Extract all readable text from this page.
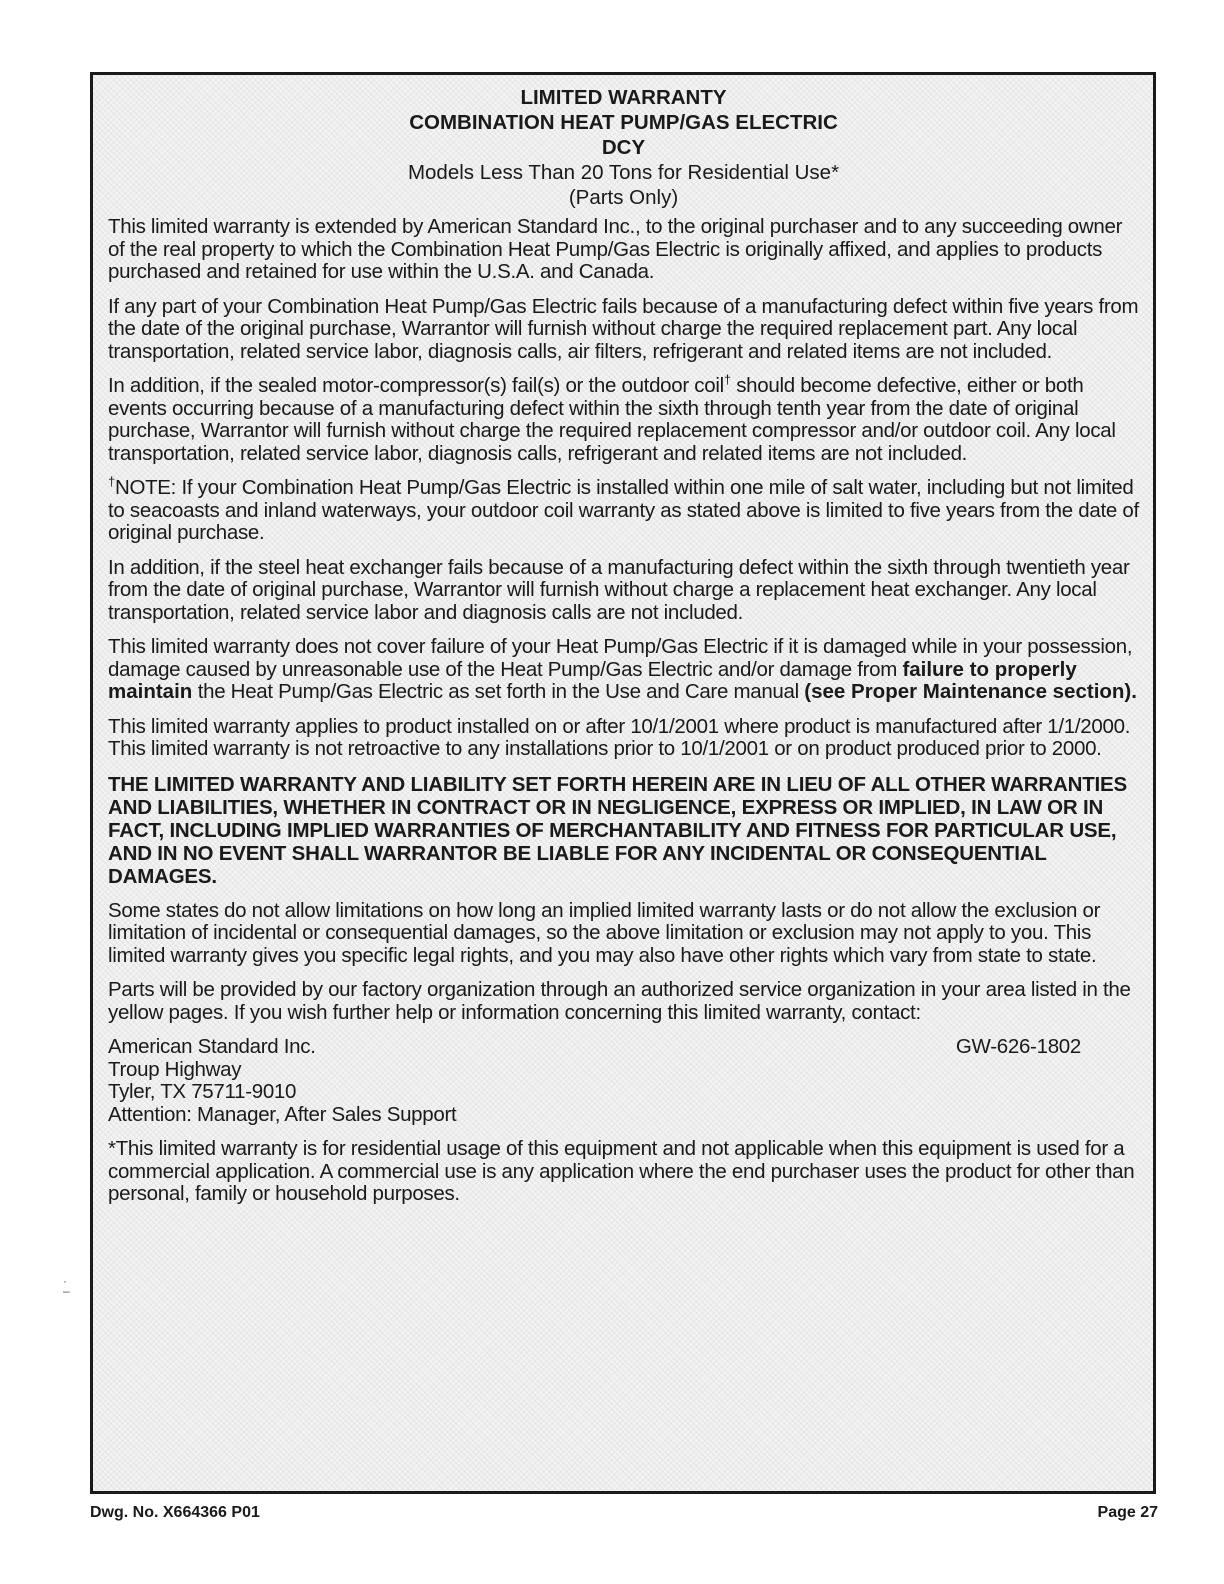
LIMITED WARRANTY
COMBINATION HEAT PUMP/GAS ELECTRIC
DCY
Models Less Than 20 Tons for Residential Use*
(Parts Only)

This limited warranty is extended by American Standard Inc., to the original purchaser and to any succeeding owner of the real property to which the Combination Heat Pump/Gas Electric is originally affixed, and applies to products purchased and retained for use within the U.S.A. and Canada.

If any part of your Combination Heat Pump/Gas Electric fails because of a manufacturing defect within five years from the date of the original purchase, Warrantor will furnish without charge the required replacement part. Any local transportation, related service labor, diagnosis calls, air filters, refrigerant and related items are not included.

In addition, if the sealed motor-compressor(s) fail(s) or the outdoor coil† should become defective, either or both events occurring because of a manufacturing defect within the sixth through tenth year from the date of original purchase, Warrantor will furnish without charge the required replacement compressor and/or outdoor coil. Any local transportation, related service labor, diagnosis calls, refrigerant and related items are not included.

†NOTE: If your Combination Heat Pump/Gas Electric is installed within one mile of salt water, including but not limited to seacoasts and inland waterways, your outdoor coil warranty as stated above is limited to five years from the date of original purchase.

In addition, if the steel heat exchanger fails because of a manufacturing defect within the sixth through twentieth year
from the date of original purchase, Warrantor will furnish without charge a replacement heat exchanger. Any local transportation, related service labor and diagnosis calls are not included.

This limited warranty does not cover failure of your Heat Pump/Gas Electric if it is damaged while in your possession, damage caused by unreasonable use of the Heat Pump/Gas Electric and/or damage from failure to properly maintain the Heat Pump/Gas Electric as set forth in the Use and Care manual (see Proper Maintenance section).

This limited warranty applies to product installed on or after 10/1/2001 where product is manufactured after 1/1/2000. This limited warranty is not retroactive to any installations prior to 10/1/2001 or on product produced prior to 2000.

THE LIMITED WARRANTY AND LIABILITY SET FORTH HEREIN ARE IN LIEU OF ALL OTHER WARRANTIES AND LIABILITIES, WHETHER IN CONTRACT OR IN NEGLIGENCE, EXPRESS OR IMPLIED, IN LAW OR IN FACT, INCLUDING IMPLIED WARRANTIES OF MERCHANTABILITY AND FITNESS FOR PARTICULAR USE, AND IN NO EVENT SHALL WARRANTOR BE LIABLE FOR ANY INCIDENTAL OR CONSEQUENTIAL DAMAGES.

Some states do not allow limitations on how long an implied limited warranty lasts or do not allow the exclusion or limitation of incidental or consequential damages, so the above limitation or exclusion may not apply to you. This limited warranty gives you specific legal rights, and you may also have other rights which vary from state to state.

Parts will be provided by our factory organization through an authorized service organization in your area listed in the yellow pages. If you wish further help or information concerning this limited warranty, contact:

American Standard Inc.	GW-626-1802
Troup Highway
Tyler, TX 75711-9010
Attention: Manager, After Sales Support

*This limited warranty is for residential usage of this equipment and not applicable when this equipment is used for a commercial application. A commercial use is any application where the end purchaser uses the product for other than personal, family or household purposes.

·
–
Dwg. No. X664366 P01	Page 27
